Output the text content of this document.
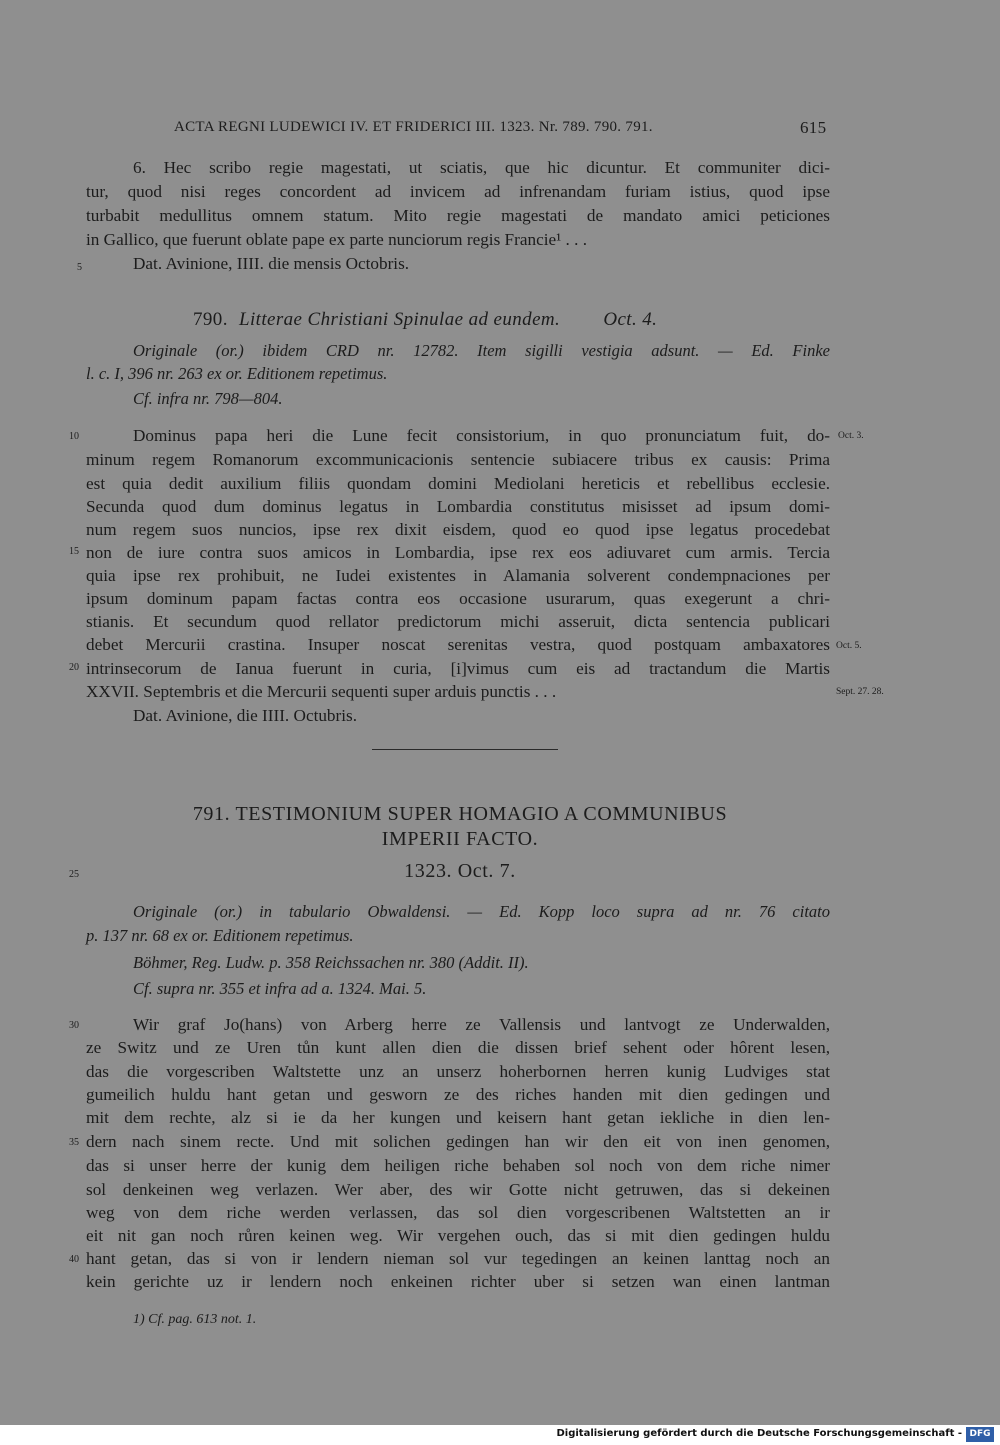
ACTA REGNI LUDEWICI IV. ET FRIDERICI III. 1323. Nr. 789. 790. 791.	615
6. Hec scribo regie magestati, ut sciatis, que hic dicuntur. Et communiter dici-
tur, quod nisi reges concordent ad invicem ad infrenandam furiam istius, quod ipse
turbabit medullitus omnem statum. Mito regie magestati de mandato amici peticiones
in Gallico, que fuerunt oblate pape ex parte nunciorum regis Francie¹ . . .
Dat. Avinione, IIII. die mensis Octobris.
790. Litterae Christiani Spinulae ad eundem. Oct. 4.
Originale (or.) ibidem CRD nr. 12782. Item sigilli vestigia adsunt. — Ed. Finke
l. c. I, 396 nr. 263 ex or. Editionem repetimus.
Cf. infra nr. 798—804.
Dominus papa heri die Lune fecit consistorium, in quo pronunciatum fuit, do-
minum regem Romanorum excommunicacionis sentencie subiacere tribus ex causis: Prima
est quia dedit auxilium filiis quondam domini Mediolani hereticis et rebellibus ecclesie.
Secunda quod dum dominus legatus in Lombardia constitutus misisset ad ipsum domi-
num regem suos nuncios, ipse rex dixit eisdem, quod eo quod ipse legatus procedebat
non de iure contra suos amicos in Lombardia, ipse rex eos adiuvaret cum armis. Tercia
quia ipse rex prohibuit, ne Iudei existentes in Alamania solverent condempnaciones per
ipsum dominum papam factas contra eos occasione usurarum, quas exegerunt a chri-
stianis. Et secundum quod rellator predictorum michi asseruit, dicta sentencia publicari
debet Mercurii crastina. Insuper noscat serenitas vestra, quod postquam ambaxatores
intrinsecorum de Ianua fuerunt in curia, [i]vimus cum eis ad tractandum die Martis
XXVII. Septembris et die Mercurii sequenti super arduis punctis . . .
Dat. Avinione, die IIII. Octubris.
Oct. 3.
Oct. 5.
Sept. 27. 28.
791. TESTIMONIUM SUPER HOMAGIO A COMMUNIBUS
IMPERII FACTO.
1323. Oct. 7.
Originale (or.) in tabulario Obwaldensi. — Ed. Kopp loco supra ad nr. 76 citato
p. 137 nr. 68 ex or. Editionem repetimus.
Böhmer, Reg. Ludw. p. 358 Reichssachen nr. 380 (Addit. II).
Cf. supra nr. 355 et infra ad a. 1324. Mai. 5.
Wir graf Jo(hans) von Arberg herre ze Vallensis und lantvogt ze Underwalden,
ze Switz und ze Uren tůn kunt allen dien die dissen brief sehent oder hôrent lesen,
das die vorgescriben Waltstette unz an unserz hoherbornen herren kunig Ludviges stat
gumeilich huldu hant getan und gesworn ze des riches handen mit dien gedingen und
mit dem rechte, alz si ie da her kungen und keisern hant getan iekliche in dien len-
dern nach sinem recte. Und mit solichen gedingen han wir den eit von inen genomen,
das si unser herre der kunig dem heiligen riche behaben sol noch von dem riche nimer
sol denkeinen weg verlazen. Wer aber, des wir Gotte nicht getruwen, das si dekeinen
weg von dem riche werden verlassen, das sol dien vorgescribenen Waltstetten an ir
eit nit gan noch růren keinen weg. Wir vergehen ouch, das si mit dien gedingen huldu
hant getan, das si von ir lendern nieman sol vur tegedingen an keinen lanttag noch an
kein gerichte uz ir lendern noch enkeinen richter uber si setzen wan einen lantman
5
10
15
20
25
30
35
40
1) Cf. pag. 613 not. 1.
Digitalisierung gefördert durch die Deutsche Forschungsgemeinschaft - DFG
